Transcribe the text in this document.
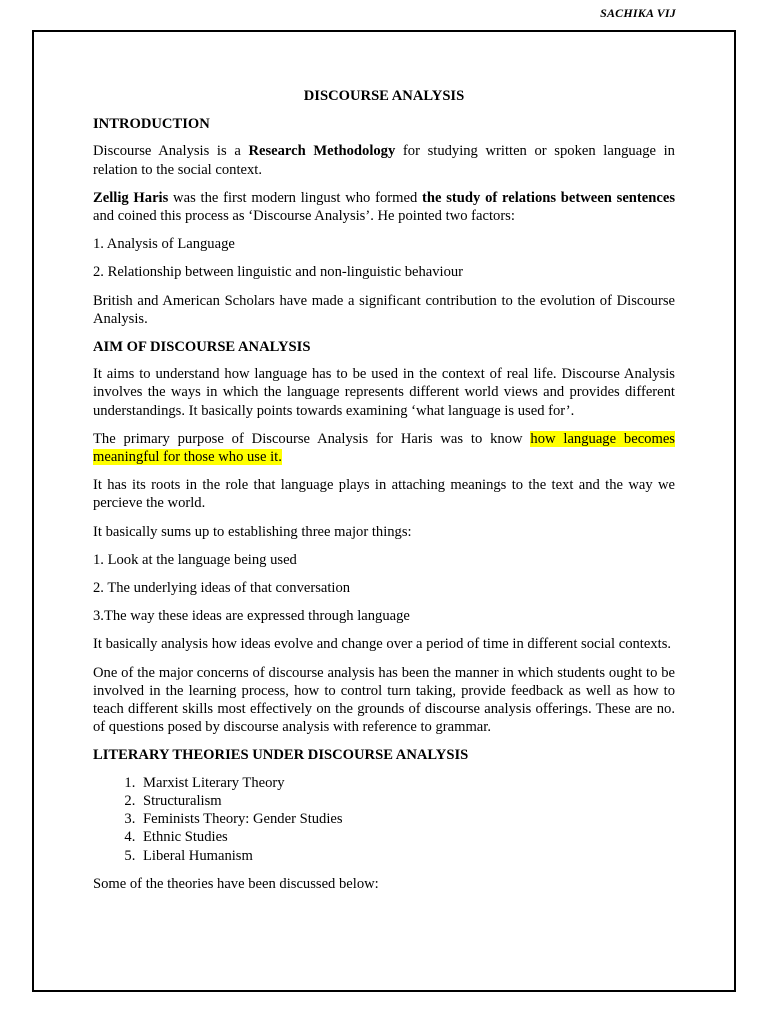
SACHIKA VIJ
DISCOURSE ANALYSIS
INTRODUCTION

Discourse Analysis is a Research Methodology for studying written or spoken language in relation to the social context.

Zellig Haris was the first modern lingust who formed the study of relations between sentences and coined this process as ‘Discourse Analysis’. He pointed two factors:

1. Analysis of Language
2. Relationship between linguistic and non-linguistic behaviour

British and American Scholars have made a significant contribution to the evolution of Discourse Analysis.

AIM OF DISCOURSE ANALYSIS

It aims to understand how language has to be used in the context of real life. Discourse Analysis involves the ways in which the language represents different world views and provides different understandings. It basically points towards examining ‘what language is used for’.

The primary purpose of Discourse Analysis for Haris was to know how language becomes meaningful for those who use it.

It has its roots in the role that language plays in attaching meanings to the text and the way we percieve the world.

It basically sums up to establishing three major things:

1. Look at the language being used
2. The underlying ideas of that conversation
3.The way these ideas are expressed through language

It basically analysis how ideas evolve and change over a period of time in different social contexts.

One of the major concerns of discourse analysis has been the manner in which students ought to be involved in the learning process, how to control turn taking, provide feedback as well as how to teach different skills most effectively on the grounds of discourse analysis offerings. These are no. of questions posed by discourse analysis with reference to grammar.

LITERARY THEORIES UNDER DISCOURSE ANALYSIS
1. Marxist Literary Theory
2. Structuralism
3. Feminists Theory: Gender Studies
4. Ethnic Studies
5. Liberal Humanism

Some of the theories have been discussed below:
